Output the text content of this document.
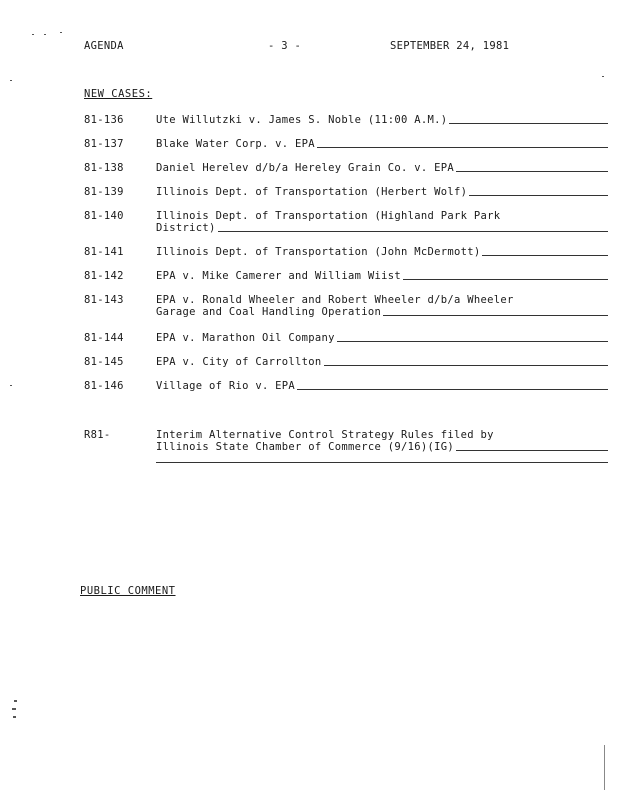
AGENDA	- 3 -	SEPTEMBER 24, 1981
NEW CASES:
81-136	Ute Willutzki v. James S. Noble (11:00 A.M.)
81-137	Blake Water Corp. v. EPA
81-138	Daniel Herelev d/b/a Hereley Grain Co. v. EPA
81-139	Illinois Dept. of Transportation (Herbert Wolf)
81-140	Illinois Dept. of Transportation (Highland Park Park
District)
81-141	Illinois Dept. of Transportation (John McDermott)
81-142	EPA v. Mike Camerer and William Wiist
81-143	EPA v. Ronald Wheeler and Robert Wheeler d/b/a Wheeler
Garage and Coal Handling Operation
81-144	EPA v. Marathon Oil Company
81-145	EPA v. City of Carrollton
81-146	Village of Rio v. EPA
R81-	Interim Alternative Control Strategy Rules filed by
Illinois State Chamber of Commerce (9/16)(IG)
PUBLIC COMMENT
